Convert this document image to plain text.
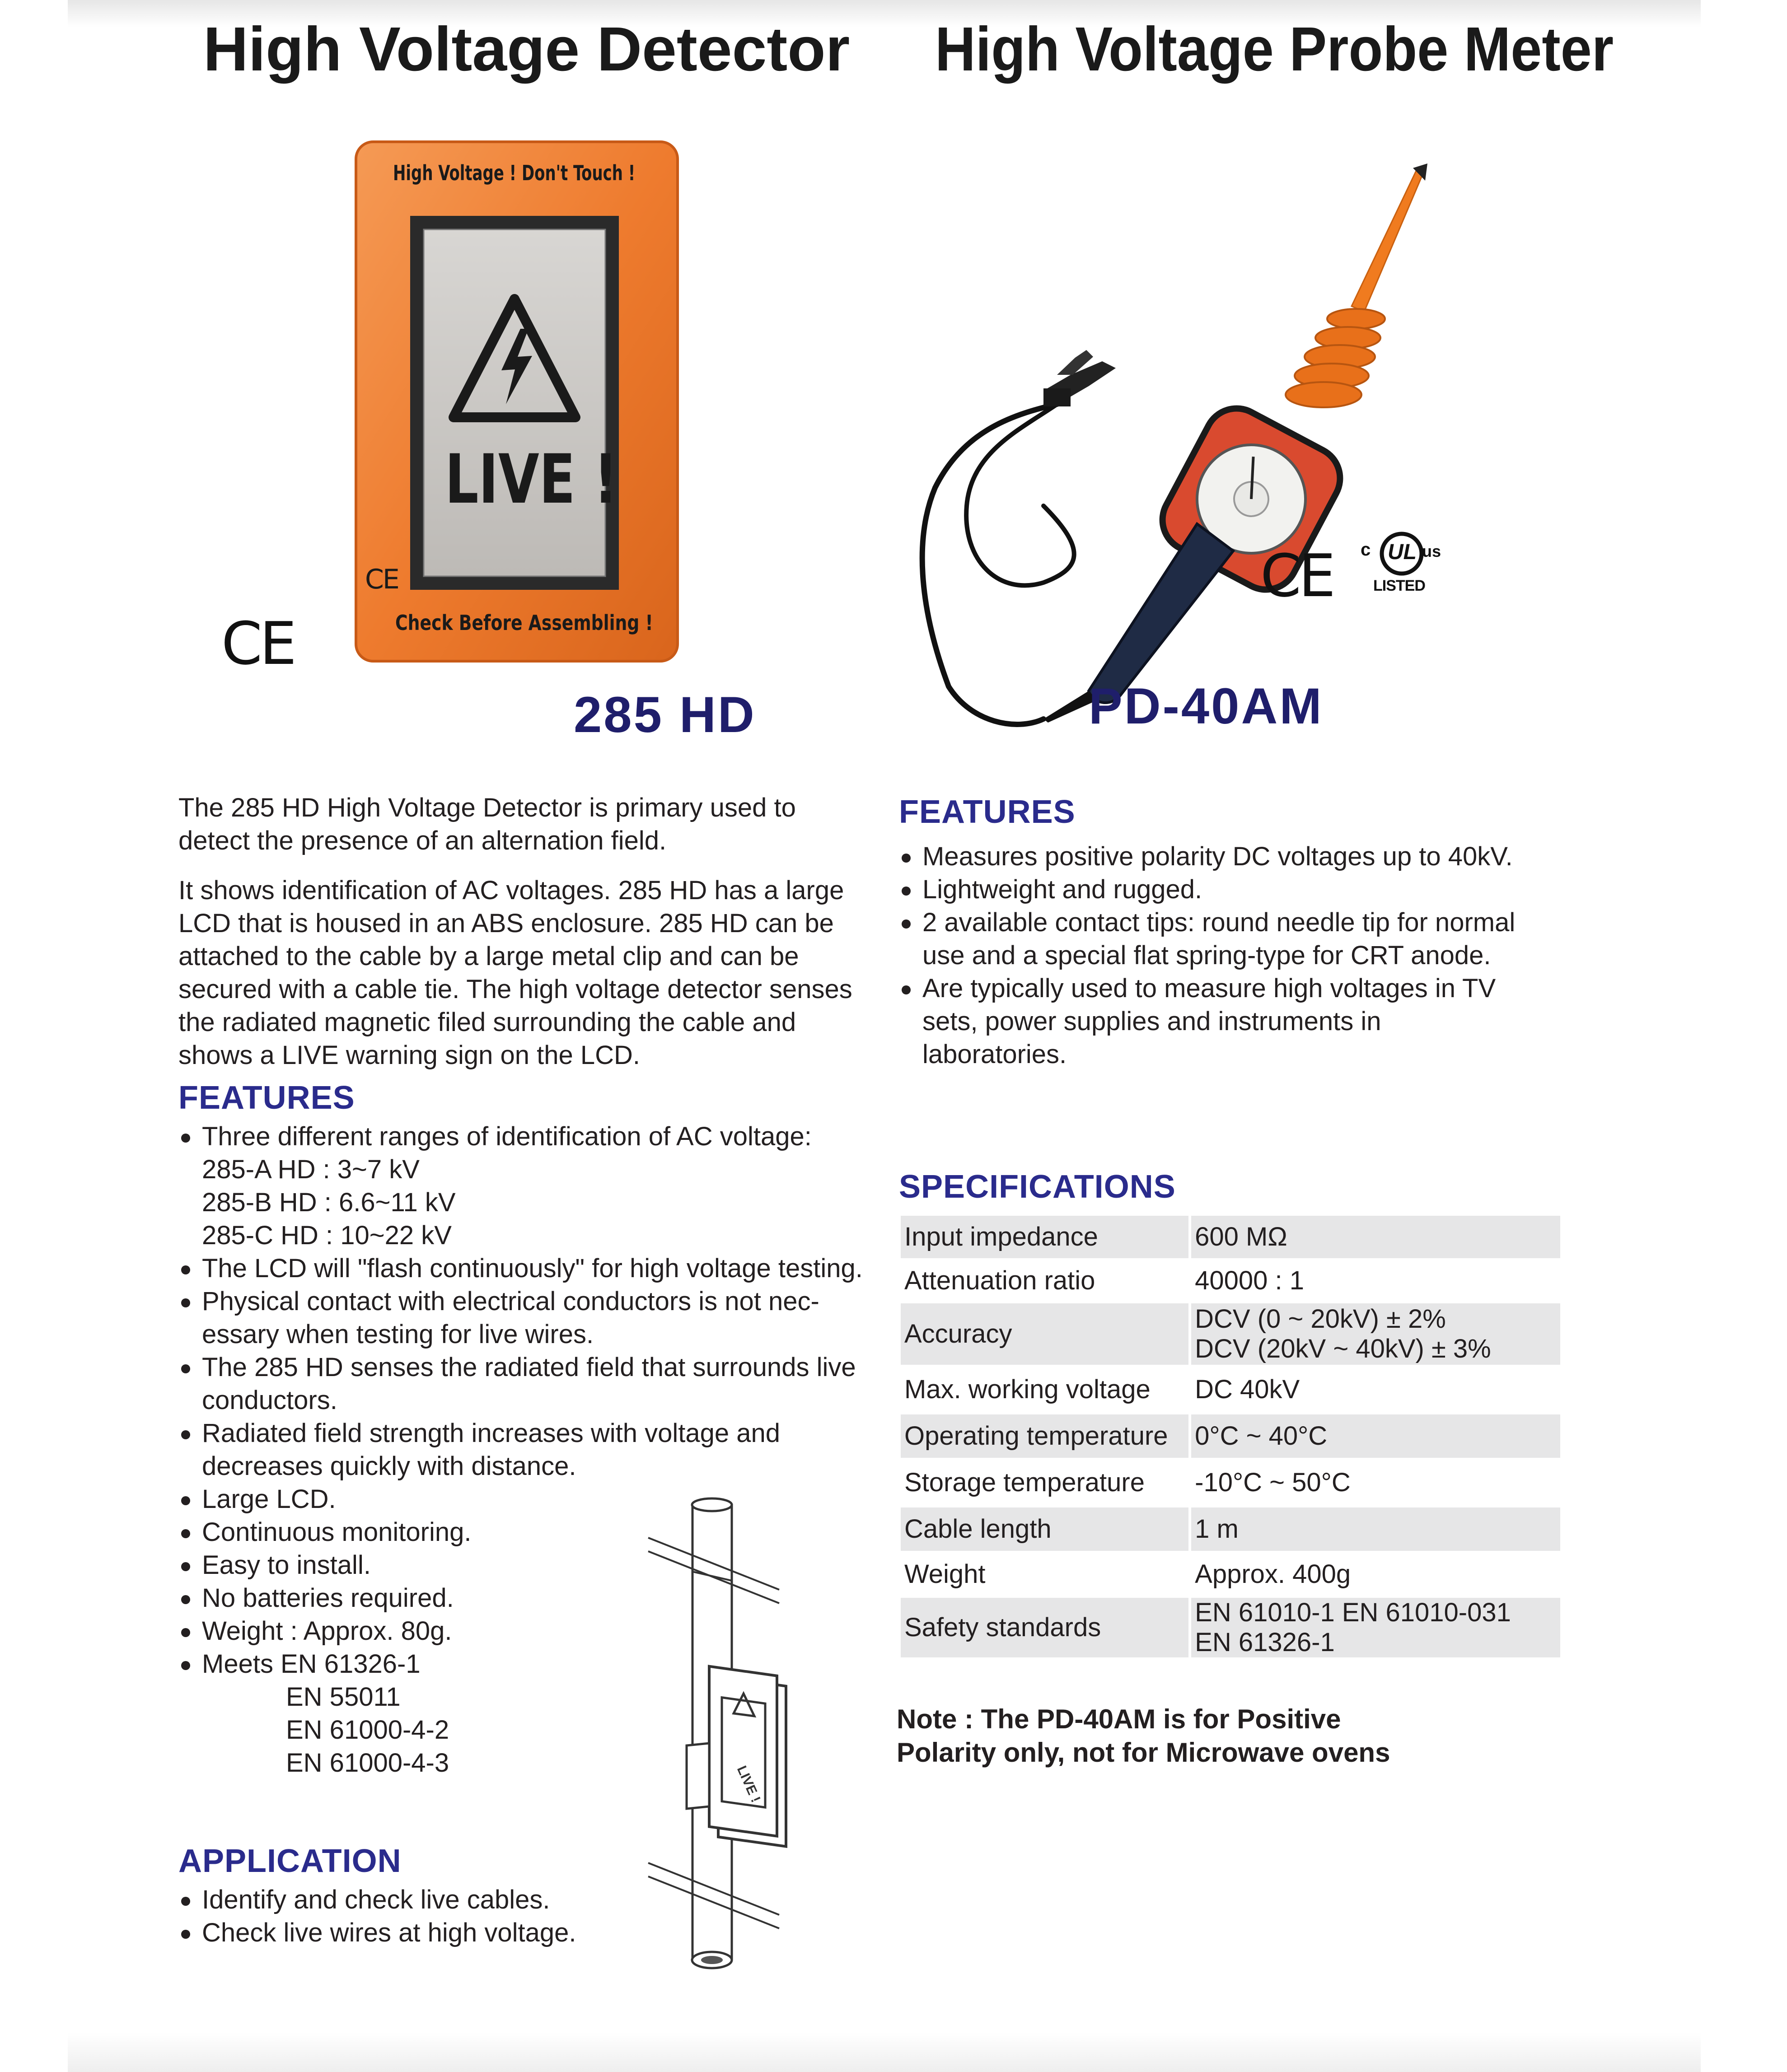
High Voltage Detector High Voltage Probe Meter
High Voltage ! Don't Touch !
LIVE !
CE
Check Before Assembling !
CE
285 HD
CE c UL us
LISTED
PD-40AM

The 285 HD High Voltage Detector is primary used to detect the presence of an alternation field.

It shows identification of AC voltages. 285 HD has a large LCD that is housed in an ABS enclosure. 285 HD can be attached to the cable by a large metal clip and can be secured with a cable tie. The high voltage detector senses the radiated magnetic filed surrounding the cable and shows a LIVE warning sign on the LCD.

FEATURES
Three different ranges of identification of AC voltage:
285-A HD : 3~7 kV
285-B HD : 6.6~11 kV
285-C HD : 10~22 kV
The LCD will "flash continuously" for high voltage testing.
Physical contact with electrical conductors is not nec-essary when testing for live wires.
The 285 HD senses the radiated field that surrounds live conductors.
Radiated field strength increases with voltage and decreases quickly with distance.
Large LCD.
Continuous monitoring.
Easy to install.
No batteries required.
Weight : Approx. 80g.
Meets EN 61326-1
EN 55011
EN 61000-4-2
EN 61000-4-3
APPLICATION
Identify and check live cables.
Check live wires at high voltage.
LIVE !
FEATURES
Measures positive polarity DC voltages up to 40kV.
Lightweight and rugged.
2 available contact tips: round needle tip for normal use and a special flat spring-type for CRT anode.
Are typically used to measure high voltages in TV sets, power supplies and instruments in laboratories.
SPECIFICATIONS
Input impedance	600 MΩ
Attenuation ratio	40000 : 1
Accuracy	DCV (0 ~ 20kV) ± 2%
DCV (20kV ~ 40kV) ± 3%

Max. working voltage	DC 40kV
Operating temperature	0°C ~ 40°C
Storage temperature	-10°C ~ 50°C
Cable length	1 m
Weight	Approx. 400g
Safety standards	EN 61010-1 EN 61010-031
EN 61326-1

Note : The PD-40AM is for Positive
Polarity only, not for Microwave ovens
